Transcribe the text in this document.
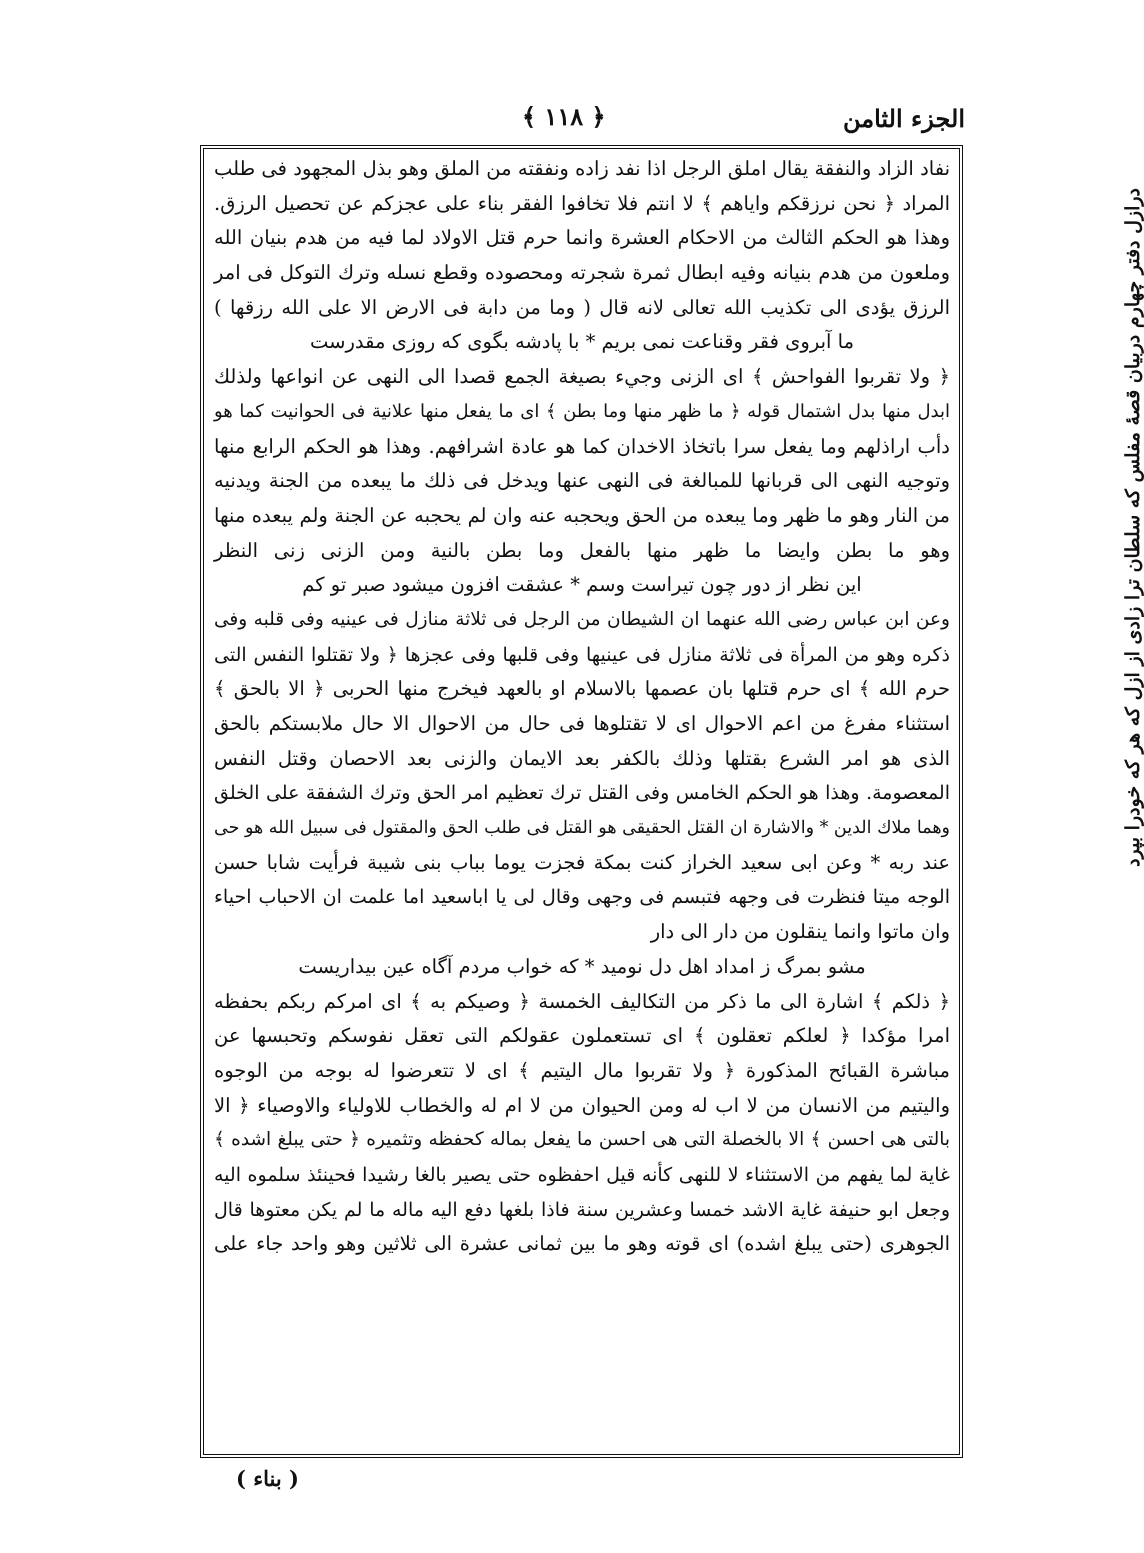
الجزء الثامن
﴿ ۱۱۸ ﴾
نفاد الزاد والنفقة يقال املق الرجل اذا نفد زاده ونفقته من الملق وهو بذل المجهود فى طلب
المراد ﴿ نحن نرزقكم واياهم ﴾ لا انتم فلا تخافوا الفقر بناء على عجزكم عن تحصيل الرزق.
وهذا هو الحكم الثالث من الاحكام العشرة وانما حرم قتل الاولاد لما فيه من هدم بنيان الله
وملعون من هدم بنيانه وفيه ابطال ثمرة شجرته ومحصوده وقطع نسله وترك التوكل فى امر
الرزق يؤدى الى تكذيب الله تعالى لانه قال ( وما من دابة فى الارض الا على الله رزقها )
ما آبروى فقر وقناعت نمى بريم * با پادشه بگوى كه روزى مقدرست
﴿ ولا تقربوا الفواحش ﴾ اى الزنى وجيء بصيغة الجمع قصدا الى النهى عن انواعها ولذلك
ابدل منها بدل اشتمال قوله ﴿ ما ظهر منها وما بطن ﴾ اى ما يفعل منها علانية فى الحوانيت كما هو
دأب اراذلهم وما يفعل سرا باتخاذ الاخدان كما هو عادة اشرافهم. وهذا هو الحكم الرابع منها
وتوجيه النهى الى قربانها للمبالغة فى النهى عنها ويدخل فى ذلك ما يبعده من الجنة ويدنيه
من النار وهو ما ظهر وما يبعده من الحق ويحجبه عنه وان لم يحجبه عن الجنة ولم يبعده منها
وهو ما بطن وايضا ما ظهر منها بالفعل وما بطن بالنية ومن الزنى زنى النظر
اين نظر از دور چون تيراست وسم * عشقت افزون ميشود صبر تو كم
وعن ابن عباس رضى الله عنهما ان الشيطان من الرجل فى ثلاثة منازل فى عينيه وفى قلبه وفى
ذكره وهو من المرأة فى ثلاثة منازل فى عينيها وفى قلبها وفى عجزها ﴿ ولا تقتلوا النفس التى
حرم الله ﴾ اى حرم قتلها بان عصمها بالاسلام او بالعهد فيخرج منها الحربى ﴿ الا بالحق ﴾
استثناء مفرغ من اعم الاحوال اى لا تقتلوها فى حال من الاحوال الا حال ملابستكم بالحق
الذى هو امر الشرع بقتلها وذلك بالكفر بعد الايمان والزنى بعد الاحصان وقتل النفس
المعصومة. وهذا هو الحكم الخامس وفى القتل ترك تعظيم امر الحق وترك الشفقة على الخلق
وهما ملاك الدين * والاشارة ان القتل الحقيقى هو القتل فى طلب الحق والمقتول فى سبيل الله هو حى
عند ربه * وعن ابى سعيد الخراز كنت بمكة فجزت يوما بباب بنى شيبة فرأيت شابا حسن
الوجه ميتا فنظرت فى وجهه فتبسم فى وجهى وقال لى يا اباسعيد اما علمت ان الاحباب احياء
وان ماتوا وانما ينقلون من دار الى دار
مشو بمرگ ز امداد اهل دل نوميد * كه خواب مردم آگاه عين بيداريست
﴿ ذلكم ﴾ اشارة الى ما ذكر من التكاليف الخمسة ﴿ وصيكم به ﴾ اى امركم ربكم بحفظه
امرا مؤكدا ﴿ لعلكم تعقلون ﴾ اى تستعملون عقولكم التى تعقل نفوسكم وتحبسها عن
مباشرة القبائح المذكورة ﴿ ولا تقربوا مال اليتيم ﴾ اى لا تتعرضوا له بوجه من الوجوه
واليتيم من الانسان من لا اب له ومن الحيوان من لا ام له والخطاب للاولياء والاوصياء ﴿ الا
بالتى هى احسن ﴾ الا بالخصلة التى هى احسن ما يفعل بماله كحفظه وتثميره ﴿ حتى يبلغ اشده ﴾
غاية لما يفهم من الاستثناء لا للنهى كأنه قيل احفظوه حتى يصير بالغا رشيدا فحينئذ سلموه اليه
وجعل ابو حنيفة غاية الاشد خمسا وعشرين سنة فاذا بلغها دفع اليه ماله ما لم يكن معتوها قال
الجوهرى (حتى يبلغ اشده) اى قوته وهو ما بين ثمانى عشرة الى ثلاثين وهو واحد جاء على
درازل دفتر چهارم دربيان قصهٔ مفلس که سلطان ترا زادی از ازل که هر که خودرا بپرد
( بناء )
